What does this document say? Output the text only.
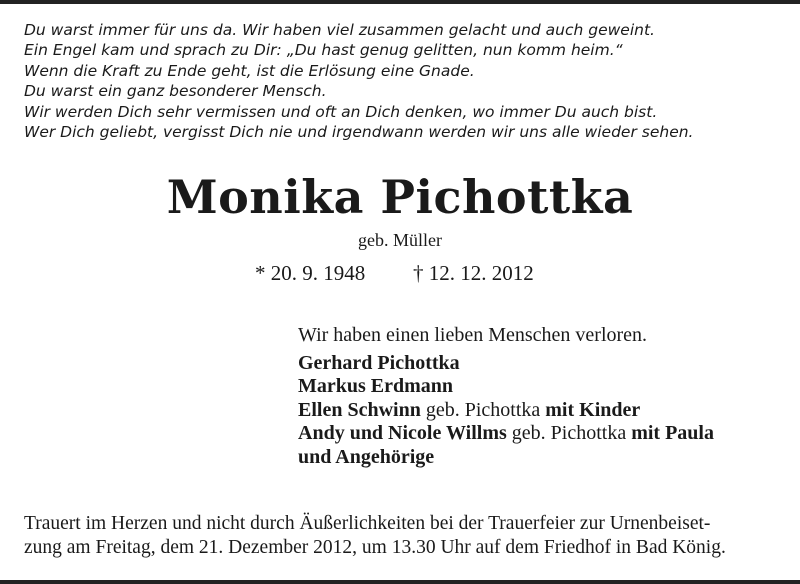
Du warst immer für uns da. Wir haben viel zusammen gelacht und auch geweint.
Ein Engel kam und sprach zu Dir: „Du hast genug gelitten, nun komm heim.“
Wenn die Kraft zu Ende geht, ist die Erlösung eine Gnade.
Du warst ein ganz besonderer Mensch.
Wir werden Dich sehr vermissen und oft an Dich denken, wo immer Du auch bist.
Wer Dich geliebt, vergisst Dich nie und irgendwann werden wir uns alle wieder sehen.
Monika Pichottka
geb. Müller
* 20. 9. 1948 † 12. 12. 2012
Wir haben einen lieben Menschen verloren.
Gerhard Pichottka
Markus Erdmann
Ellen Schwinn geb. Pichottka mit Kinder
Andy und Nicole Willms geb. Pichottka mit Paula
und Angehörige
Trauert im Herzen und nicht durch Äußerlichkeiten bei der Trauerfeier zur Urnenbeiset-
zung am Freitag, dem 21. Dezember 2012, um 13.30 Uhr auf dem Friedhof in Bad König.
